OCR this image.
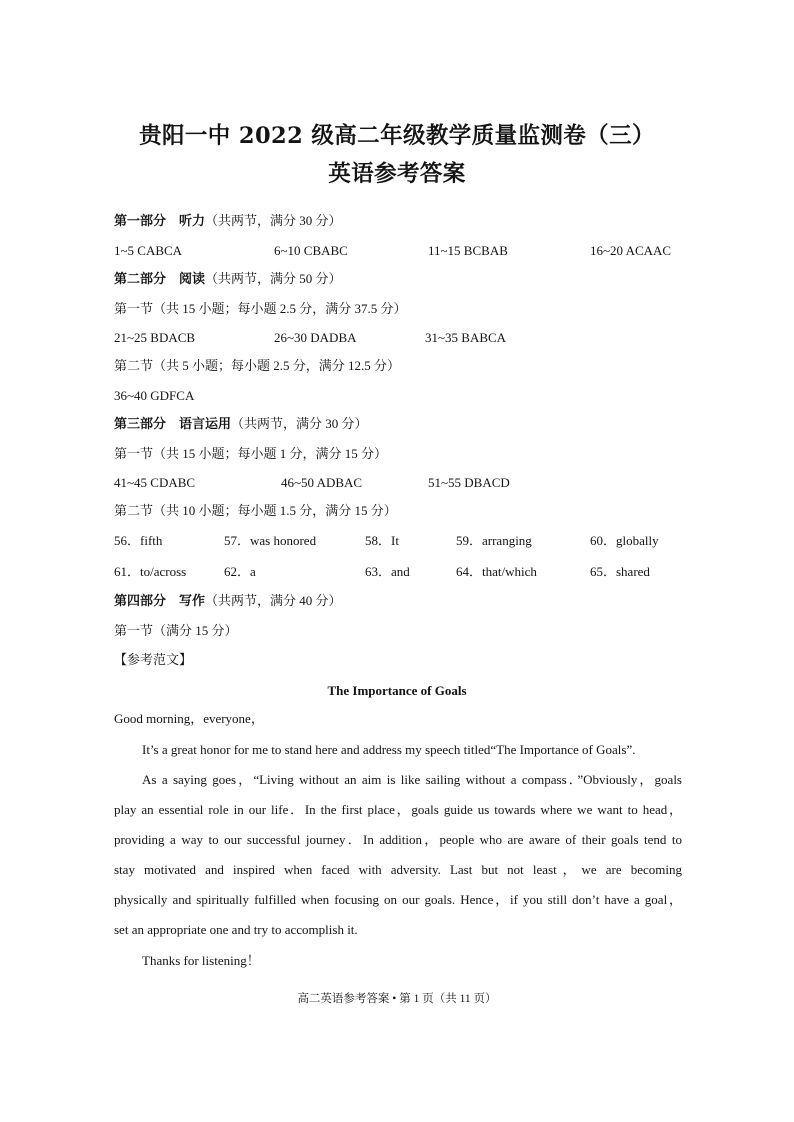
贵阳一中 2022 级高二年级教学质量监测卷（三）
英语参考答案
第一部分　听力（共两节，满分 30 分）
1~5 CABCA	6~10 CBABC	11~15 BCBAB	16~20 ACAAC
第二部分　阅读（共两节，满分 50 分）
第一节（共 15 小题；每小题 2.5 分，满分 37.5 分）
21~25 BDACB	26~30 DADBA	31~35 BABCA
第二节（共 5 小题；每小题 2.5 分，满分 12.5 分）
36~40 GDFCA
第三部分　语言运用（共两节，满分 30 分）
第一节（共 15 小题；每小题 1 分，满分 15 分）
41~45 CDABC	46~50 ADBAC	51~55 DBACD
第二节（共 10 小题；每小题 1.5 分，满分 15 分）
56．fifth	57．was honored	58．It	59．arranging	60．globally
61．to/across	62．a	63．and	64．that/which	65．shared
第四部分　写作（共两节，满分 40 分）
第一节（满分 15 分）
【参考范文】
The Importance of Goals
Good morning，everyone，
It’s a great honor for me to stand here and address my speech titled“The Importance of Goals”.
As a saying goes，“Living without an aim is like sailing without a compass．”Obviously，goals
play an essential role in our life．In the first place，goals guide us towards where we want to head，
providing a way to our successful journey．In addition，people who are aware of their goals tend to
stay motivated and inspired when faced with adversity. Last but not least，we are becoming
physically and spiritually fulfilled when focusing on our goals. Hence，if you still don’t have a goal，
set an appropriate one and try to accomplish it.
Thanks for listening！
高二英语参考答案 • 第 1 页（共 11 页）
